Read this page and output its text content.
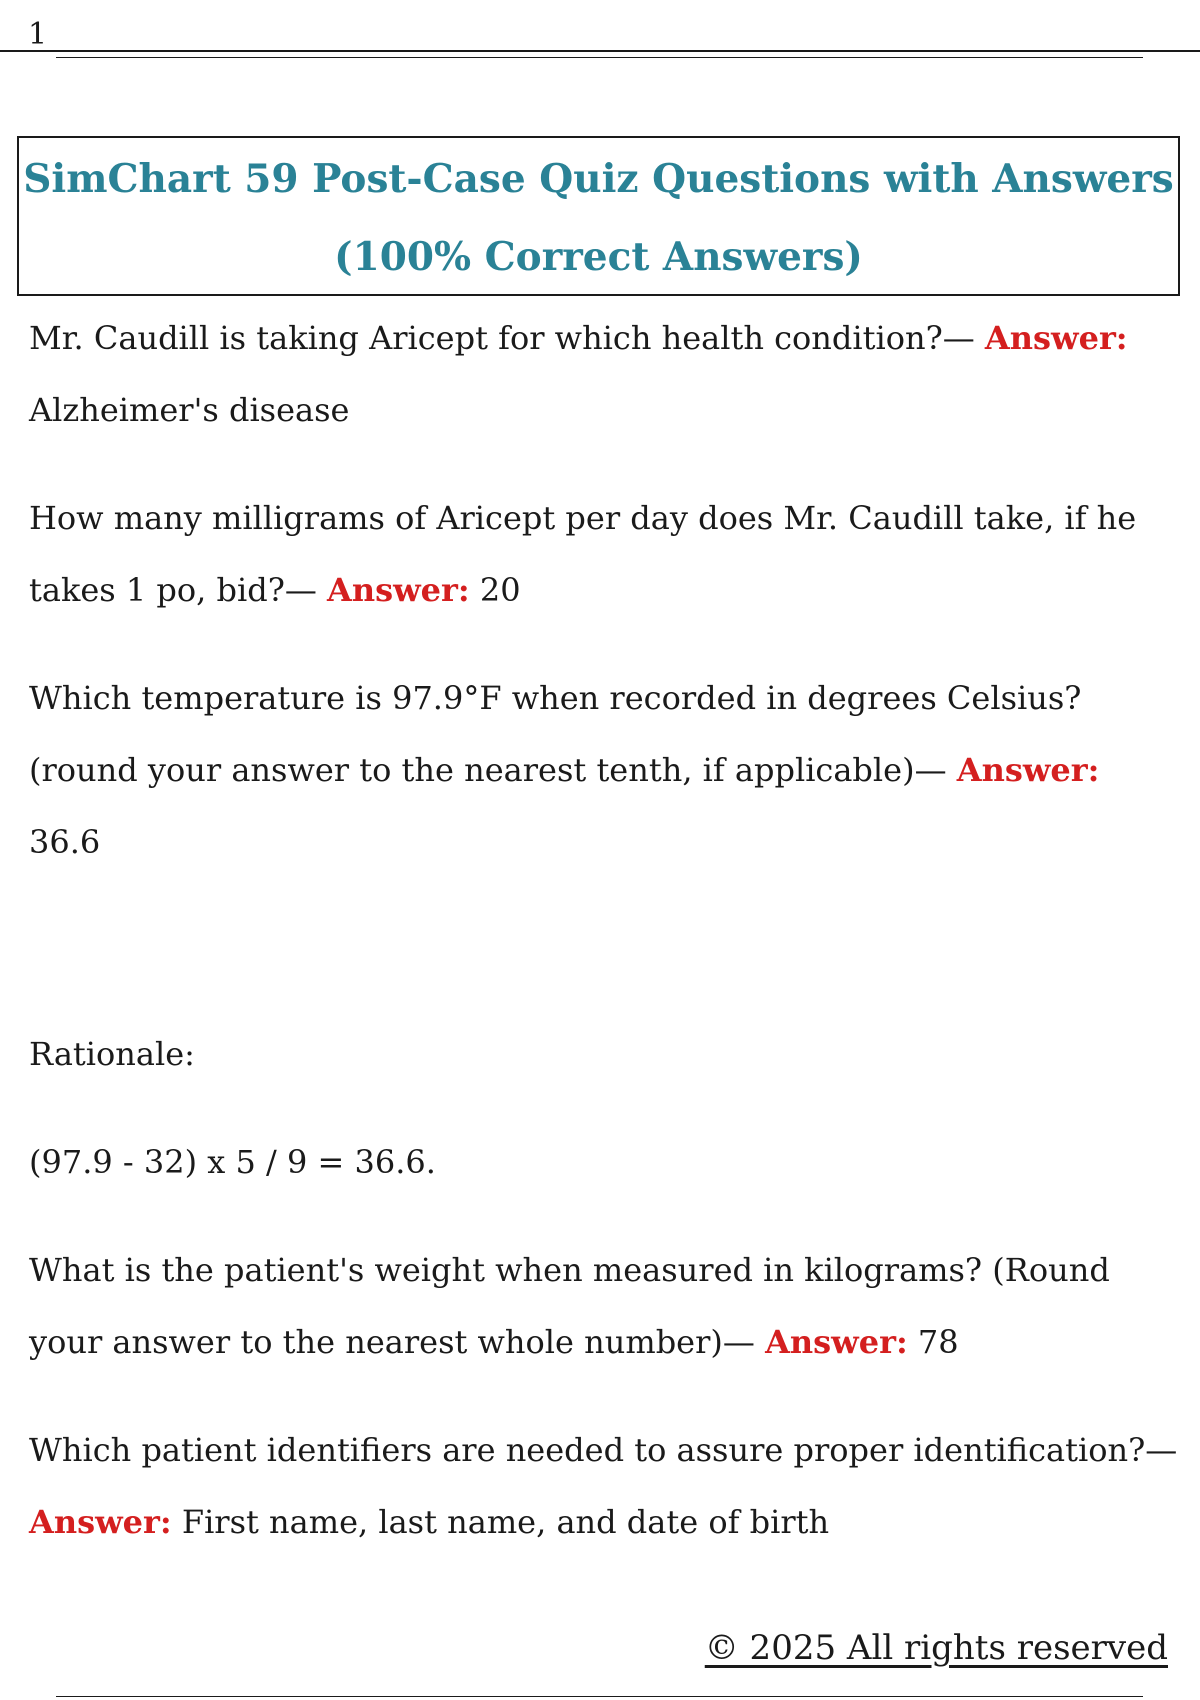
1
SimChart 59 Post-Case Quiz Questions with Answers
(100% Correct Answers)

Mr. Caudill is taking Aricept for which health condition?— Answer:

Alzheimer's disease

How many milligrams of Aricept per day does Mr. Caudill take, if he

takes 1 po, bid?— Answer: 20

Which temperature is 97.9°F when recorded in degrees Celsius?

(round your answer to the nearest tenth, if applicable)— Answer: 36.6

Rationale:

(97.9 - 32) x 5 / 9 = 36.6.

What is the patient's weight when measured in kilograms? (Round

your answer to the nearest whole number)— Answer: 78

Which patient identifiers are needed to assure proper identification?—

Answer: First name, last name, and date of birth

© 2025 All rights reserved
